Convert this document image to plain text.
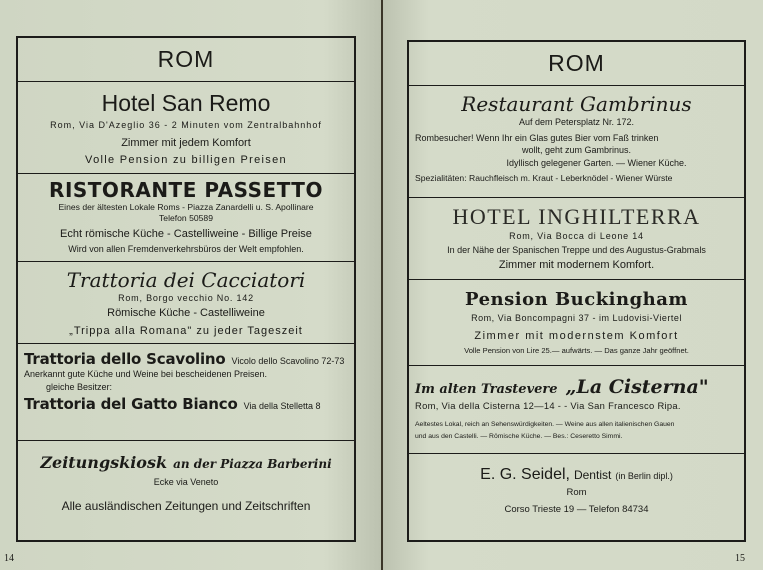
ROM
Hotel San Remo
Rom, Via D'Azeglio 36 - 2 Minuten vom Zentralbahnhof
Zimmer mit jedem Komfort
Volle Pension zu billigen Preisen
RISTORANTE PASSETTO
Eines der ältesten Lokale Roms - Piazza Zanardelli u. S. Apollinare
Telefon 50589
Echt römische Küche - Castelliweine - Billige Preise
Wird von allen Fremdenverkehrsbüros der Welt empfohlen.
Trattoria dei Cacciatori
Rom, Borgo vecchio No. 142
Römische Küche - Castelliweine
„Trippa alla Romana" zu jeder Tageszeit
Trattoria dello Scavolino Vicolo dello Scavolino 72-73
Anerkannt gute Küche und Weine bei bescheidenen Preisen.
gleiche Besitzer:
Trattoria del Gatto Bianco Via della Stelletta 8
Zeitungskiosk an der Piazza Barberini
Ecke via Veneto
Alle ausländischen Zeitungen und Zeitschriften
14
ROM
Restaurant Gambrinus
Auf dem Petersplatz Nr. 172.
Rombesucher! Wenn Ihr ein Glas gutes Bier vom Faß trinken
wollt, geht zum Gambrinus.
Idyllisch gelegener Garten. — Wiener Küche.
Spezialitäten: Rauchfleisch m. Kraut - Leberknödel - Wiener Würste
HOTEL INGHILTERRA
Rom, Via Bocca di Leone 14
In der Nähe der Spanischen Treppe und des Augustus-Grabmals
Zimmer mit modernem Komfort.
Pension Buckingham
Rom, Via Boncompagni 37 - im Ludovisi-Viertel
Zimmer mit modernstem Komfort
Volle Pension von Lire 25.— aufwärts. — Das ganze Jahr geöffnet.
Im alten Trastevere „La Cisterna"
Rom, Via della Cisterna 12—14 - - Via San Francesco Ripa.
Aeltestes Lokal, reich an Sehenswürdigkeiten. — Weine aus allen italienischen Gauen
und aus den Castelli. — Römische Küche. — Bes.: Ceseretto Simmi.
E. G. Seidel, Dentist (in Berlin dipl.)
Rom
Corso Trieste 19 — Telefon 84734
15
